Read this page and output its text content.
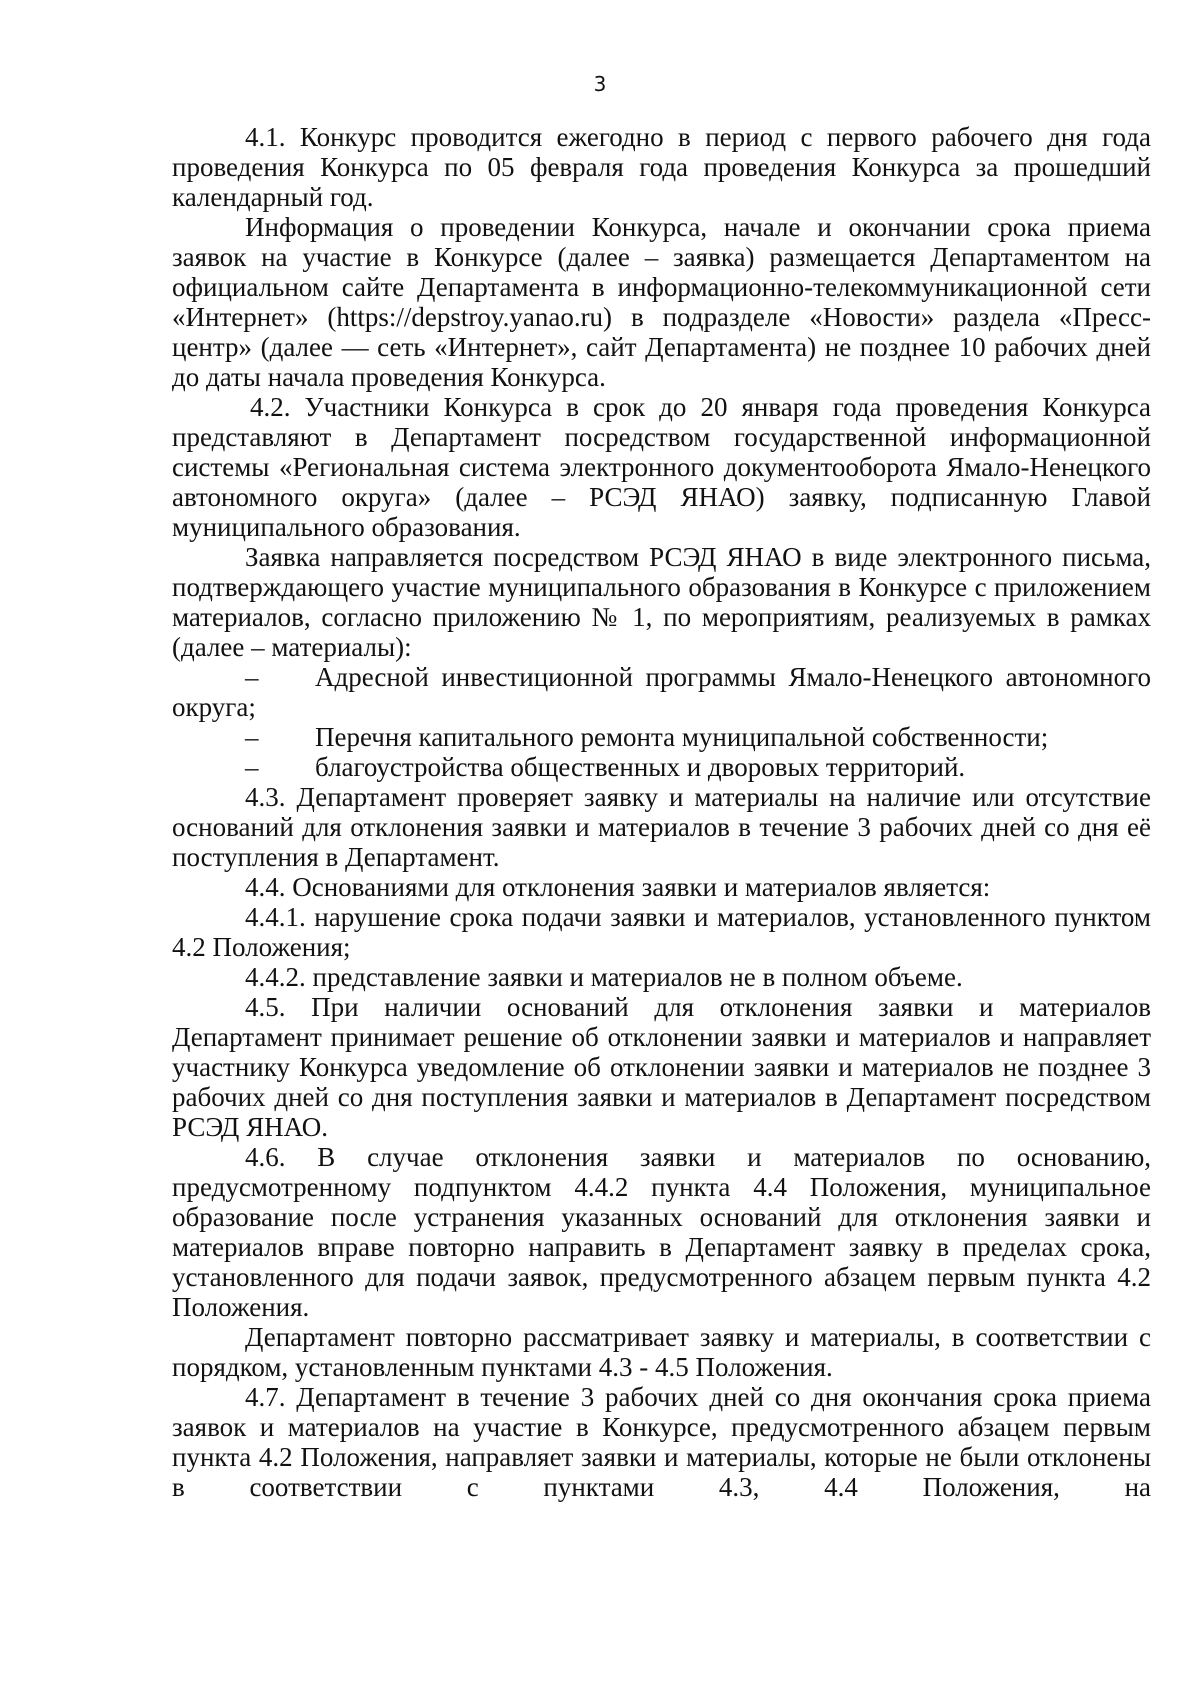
3

4.1. Конкурс проводится ежегодно в период с первого рабочего дня года проведения Конкурса по 05 февраля года проведения Конкурса за прошедший календарный год.

Информация о проведении Конкурса, начале и окончании срока приема заявок на участие в Конкурсе (далее – заявка) размещается Департаментом на официальном сайте Департамента в информационно-телекоммуникационной сети «Интернет» (https://depstroy.yanao.ru) в подразделе «Новости» раздела «Пресс-центр» (далее — сеть «Интернет», сайт Департамента) не позднее 10 рабочих дней до даты начала проведения Конкурса.

4.2. Участники Конкурса в срок до 20 января года проведения Конкурса представляют в Департамент посредством государственной информационной системы «Региональная система электронного документооборота Ямало-Ненецкого автономного округа» (далее – РСЭД ЯНАО) заявку, подписанную Главой муниципального образования.

Заявка направляется посредством РСЭД ЯНАО в виде электронного письма, подтверждающего участие муниципального образования в Конкурсе с приложением материалов, согласно приложению № 1, по мероприятиям, реализуемых в рамках (далее – материалы):

– Адресной инвестиционной программы Ямало-Ненецкого автономного округа;

– Перечня капитального ремонта муниципальной собственности;

– благоустройства общественных и дворовых территорий.

4.3. Департамент проверяет заявку и материалы на наличие или отсутствие оснований для отклонения заявки и материалов в течение 3 рабочих дней со дня её поступления в Департамент.

4.4. Основаниями для отклонения заявки и материалов является:

4.4.1. нарушение срока подачи заявки и материалов, установленного пунктом 4.2 Положения;

4.4.2. представление заявки и материалов не в полном объеме.

4.5. При наличии оснований для отклонения заявки и материалов Департамент принимает решение об отклонении заявки и материалов и направляет участнику Конкурса уведомление об отклонении заявки и материалов не позднее 3 рабочих дней со дня поступления заявки и материалов в Департамент посредством РСЭД ЯНАО.

4.6. В случае отклонения заявки и материалов по основанию, предусмотренному подпунктом 4.4.2 пункта 4.4 Положения, муниципальное образование после устранения указанных оснований для отклонения заявки и материалов вправе повторно направить в Департамент заявку в пределах срока, установленного для подачи заявок, предусмотренного абзацем первым пункта 4.2 Положения.

Департамент повторно рассматривает заявку и материалы, в соответствии с порядком, установленным пунктами 4.3 - 4.5 Положения.

4.7. Департамент в течение 3 рабочих дней со дня окончания срока приема заявок и материалов на участие в Конкурсе, предусмотренного абзацем первым пункта 4.2 Положения, направляет заявки и материалы, которые не были отклонены в соответствии с пунктами 4.3, 4.4 Положения, на
